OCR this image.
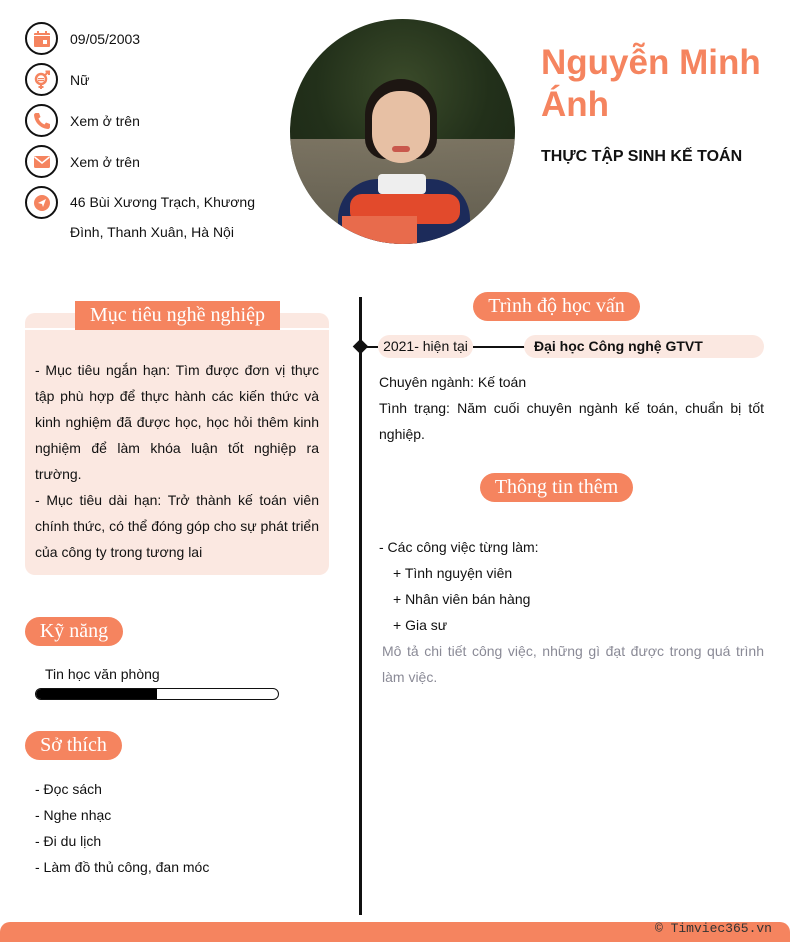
09/05/2003
Nữ
Xem ở trên
Xem ở trên
46 Bùi Xương Trạch, Khương
Đình, Thanh Xuân, Hà Nội
Nguyễn Minh Ánh
THỰC TẬP SINH KẾ TOÁN
Mục tiêu nghề nghiệp

- Mục tiêu ngắn hạn: Tìm được đơn vị thực tập phù hợp để thực hành các kiến thức và kinh nghiệm đã được học, học hỏi thêm kinh nghiệm để làm khóa luận tốt nghiệp ra trường.

- Mục tiêu dài hạn: Trở thành kế toán viên chính thức, có thể đóng góp cho sự phát triển của công ty trong tương lai

Kỹ năng
Tin học văn phòng
Sở thích
- Đọc sách
- Nghe nhạc
- Đi du lịch
- Làm đồ thủ công, đan móc
Trình độ học vấn
2021- hiện tại	Đại học Công nghệ GTVT
Chuyên ngành: Kế toán
Tình trạng: Năm cuối chuyên ngành kế toán, chuẩn bị tốt nghiệp.
Thông tin thêm
- Các công việc từng làm:
+ Tình nguyện viên
+ Nhân viên bán hàng
+ Gia sư
Mô tả chi tiết công việc, những gì đạt được trong quá trình làm việc.
© Timviec365.vn
